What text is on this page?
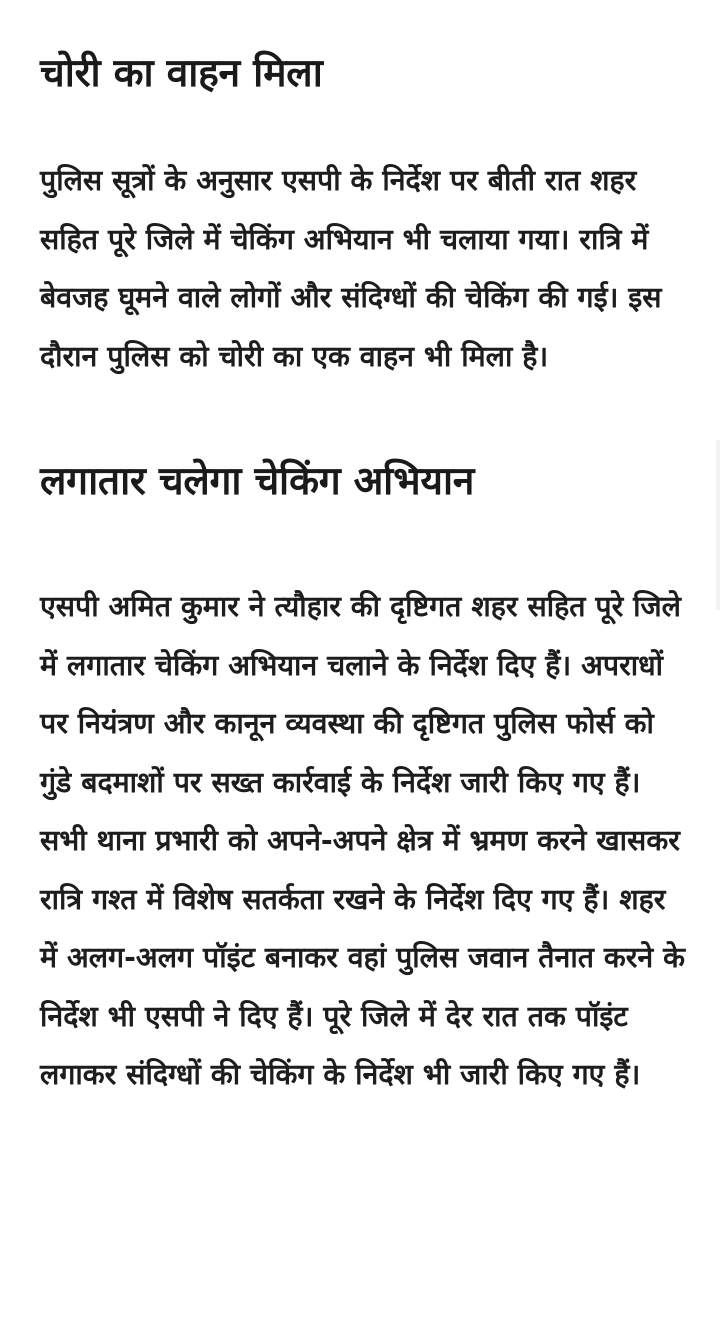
चोरी का वाहन मिला

पुलिस सूत्रों के अनुसार एसपी के निर्देश पर बीती रात शहर सहित पूरे जिले में चेकिंग अभियान भी चलाया गया। रात्रि में बेवजह घूमने वाले लोगों और संदिग्धों की चेकिंग की गई। इस दौरान पुलिस को चोरी का एक वाहन भी मिला है।

लगातार चलेगा चेकिंग अभियान

एसपी अमित कुमार ने त्यौहार की दृष्टिगत शहर सहित पूरे जिले में लगातार चेकिंग अभियान चलाने के निर्देश दिए हैं। अपराधों पर नियंत्रण और कानून व्यवस्था की दृष्टिगत पुलिस फोर्स को गुंडे बदमाशों पर सख्त कार्रवाई के निर्देश जारी किए गए हैं। सभी थाना प्रभारी को अपने-अपने क्षेत्र में भ्रमण करने खासकर रात्रि गश्त में विशेष सतर्कता रखने के निर्देश दिए गए हैं। शहर में अलग-अलग पॉइंट बनाकर वहां पुलिस जवान तैनात करने के निर्देश भी एसपी ने दिए हैं। पूरे जिले में देर रात तक पॉइंट लगाकर संदिग्धों की चेकिंग के निर्देश भी जारी किए गए हैं।
